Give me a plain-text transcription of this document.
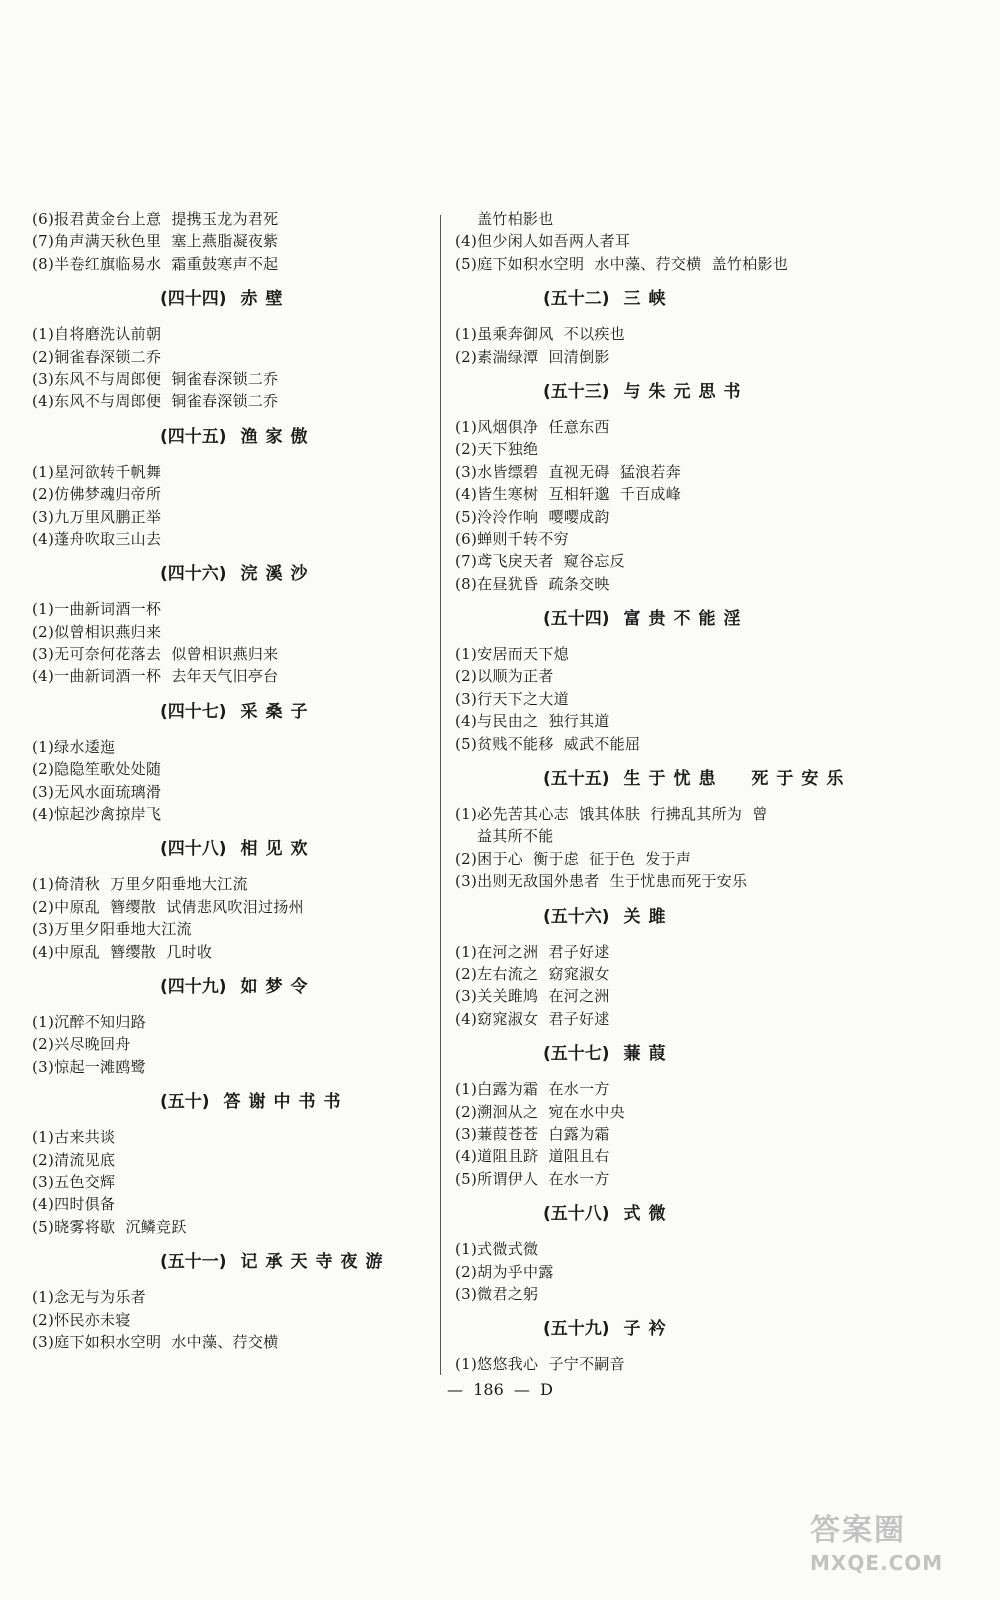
(6)报君黄金台上意  提携玉龙为君死
(7)角声满天秋色里  塞上燕脂凝夜紫
(8)半卷红旗临易水  霜重鼓寒声不起
(四十四) 赤壁
(1)自将磨洗认前朝
(2)铜雀春深锁二乔
(3)东风不与周郎便  铜雀春深锁二乔
(4)东风不与周郎便  铜雀春深锁二乔
(四十五) 渔家傲
(1)星河欲转千帆舞
(2)仿佛梦魂归帝所
(3)九万里风鹏正举
(4)蓬舟吹取三山去
(四十六) 浣溪沙
(1)一曲新词酒一杯
(2)似曾相识燕归来
(3)无可奈何花落去  似曾相识燕归来
(4)一曲新词酒一杯  去年天气旧亭台
(四十七) 采桑子
(1)绿水逶迤
(2)隐隐笙歌处处随
(3)无风水面琉璃滑
(4)惊起沙禽掠岸飞
(四十八) 相见欢
(1)倚清秋  万里夕阳垂地大江流
(2)中原乱  簪缨散  试倩悲风吹泪过扬州
(3)万里夕阳垂地大江流
(4)中原乱  簪缨散  几时收
(四十九) 如梦令
(1)沉醉不知归路
(2)兴尽晚回舟
(3)惊起一滩鸥鹭
(五十) 答谢中书书
(1)古来共谈
(2)清流见底
(3)五色交辉
(4)四时俱备
(5)晓雾将歇  沉鳞竞跃
(五十一) 记承天寺夜游
(1)念无与为乐者
(2)怀民亦未寝
(3)庭下如积水空明  水中藻、荇交横
盖竹柏影也
(4)但少闲人如吾两人者耳
(5)庭下如积水空明  水中藻、荇交横  盖竹柏影也
(五十二) 三峡
(1)虽乘奔御风  不以疾也
(2)素湍绿潭  回清倒影
(五十三) 与朱元思书
(1)风烟俱净  任意东西
(2)天下独绝
(3)水皆缥碧  直视无碍  猛浪若奔
(4)皆生寒树  互相轩邈  千百成峰
(5)泠泠作响  嘤嘤成韵
(6)蝉则千转不穷
(7)鸢飞戾天者  窥谷忘反
(8)在昼犹昏  疏条交映
(五十四) 富贵不能淫
(1)安居而天下熄
(2)以顺为正者
(3)行天下之大道
(4)与民由之  独行其道
(5)贫贱不能移  威武不能屈
(五十五) 生于忧患  死于安乐
(1)必先苦其心志  饿其体肤  行拂乱其所为  曾
益其所不能
(2)困于心  衡于虑  征于色  发于声
(3)出则无敌国外患者  生于忧患而死于安乐
(五十六) 关雎
(1)在河之洲  君子好逑
(2)左右流之  窈窕淑女
(3)关关雎鸠  在河之洲
(4)窈窕淑女  君子好逑
(五十七) 蒹葭
(1)白露为霜  在水一方
(2)溯洄从之  宛在水中央
(3)蒹葭苍苍  白露为霜
(4)道阻且跻  道阻且右
(5)所谓伊人  在水一方
(五十八) 式微
(1)式微式微
(2)胡为乎中露
(3)微君之躬
(五十九) 子衿
(1)悠悠我心  子宁不嗣音
—  186  —  D
答案圈
MXQE.COM
